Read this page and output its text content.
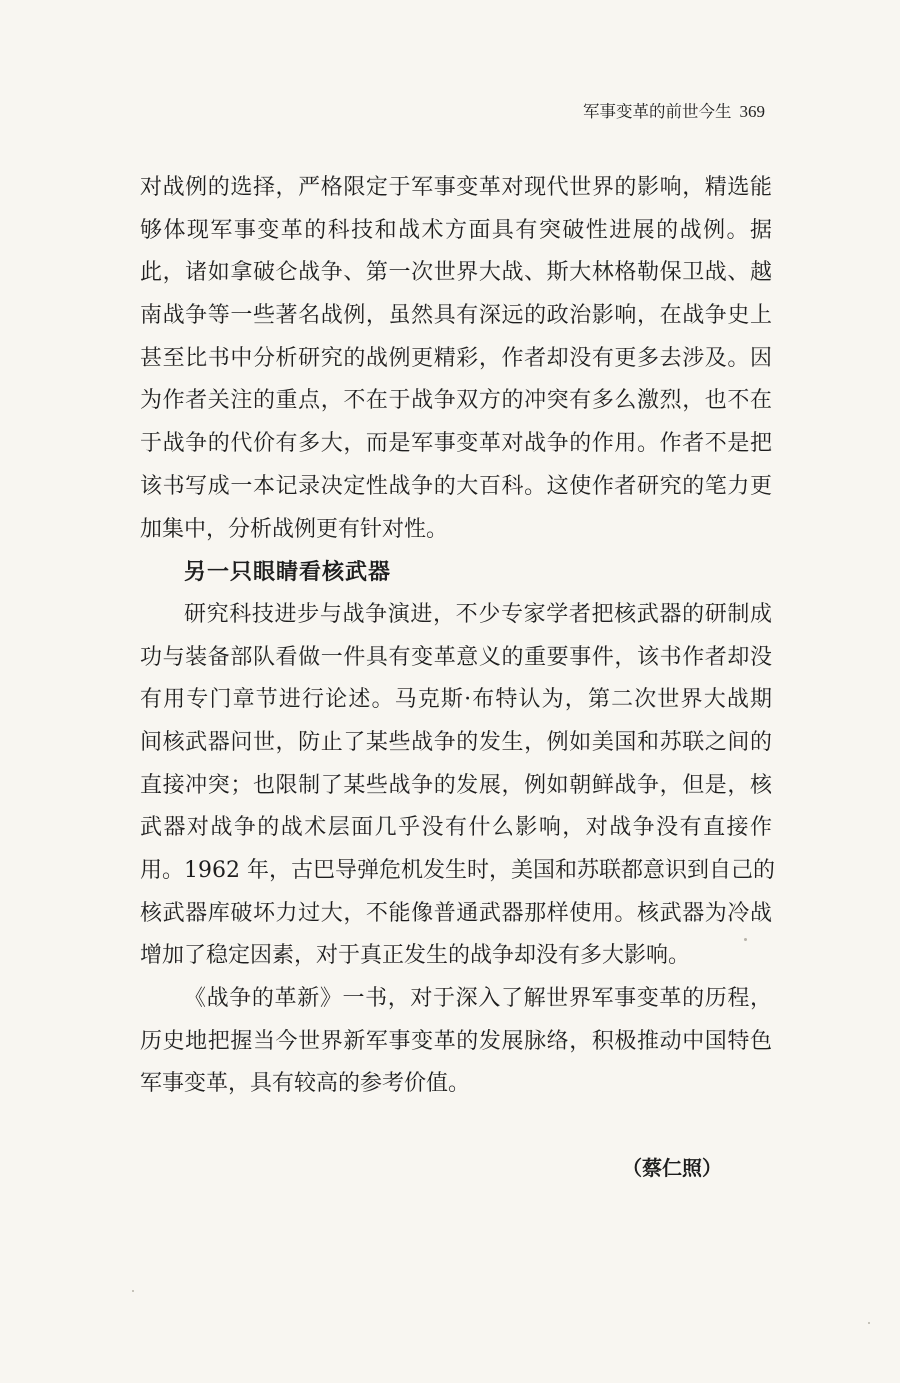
军事变革的前世今生 369
对战例的选择，严格限定于军事变革对现代世界的影响，精选能
够体现军事变革的科技和战术方面具有突破性进展的战例。据
此，诸如拿破仑战争、第一次世界大战、斯大林格勒保卫战、越
南战争等一些著名战例，虽然具有深远的政治影响，在战争史上
甚至比书中分析研究的战例更精彩，作者却没有更多去涉及。因
为作者关注的重点，不在于战争双方的冲突有多么激烈，也不在
于战争的代价有多大，而是军事变革对战争的作用。作者不是把
该书写成一本记录决定性战争的大百科。这使作者研究的笔力更
加集中，分析战例更有针对性。
另一只眼睛看核武器
研究科技进步与战争演进，不少专家学者把核武器的研制成
功与装备部队看做一件具有变革意义的重要事件，该书作者却没
有用专门章节进行论述。马克斯·布特认为，第二次世界大战期
间核武器问世，防止了某些战争的发生，例如美国和苏联之间的
直接冲突；也限制了某些战争的发展，例如朝鲜战争，但是，核
武器对战争的战术层面几乎没有什么影响，对战争没有直接作
用。1962 年，古巴导弹危机发生时，美国和苏联都意识到自己的
核武器库破坏力过大，不能像普通武器那样使用。核武器为冷战
增加了稳定因素，对于真正发生的战争却没有多大影响。
《战争的革新》一书，对于深入了解世界军事变革的历程，
历史地把握当今世界新军事变革的发展脉络，积极推动中国特色
军事变革，具有较高的参考价值。
（蔡仁照）
